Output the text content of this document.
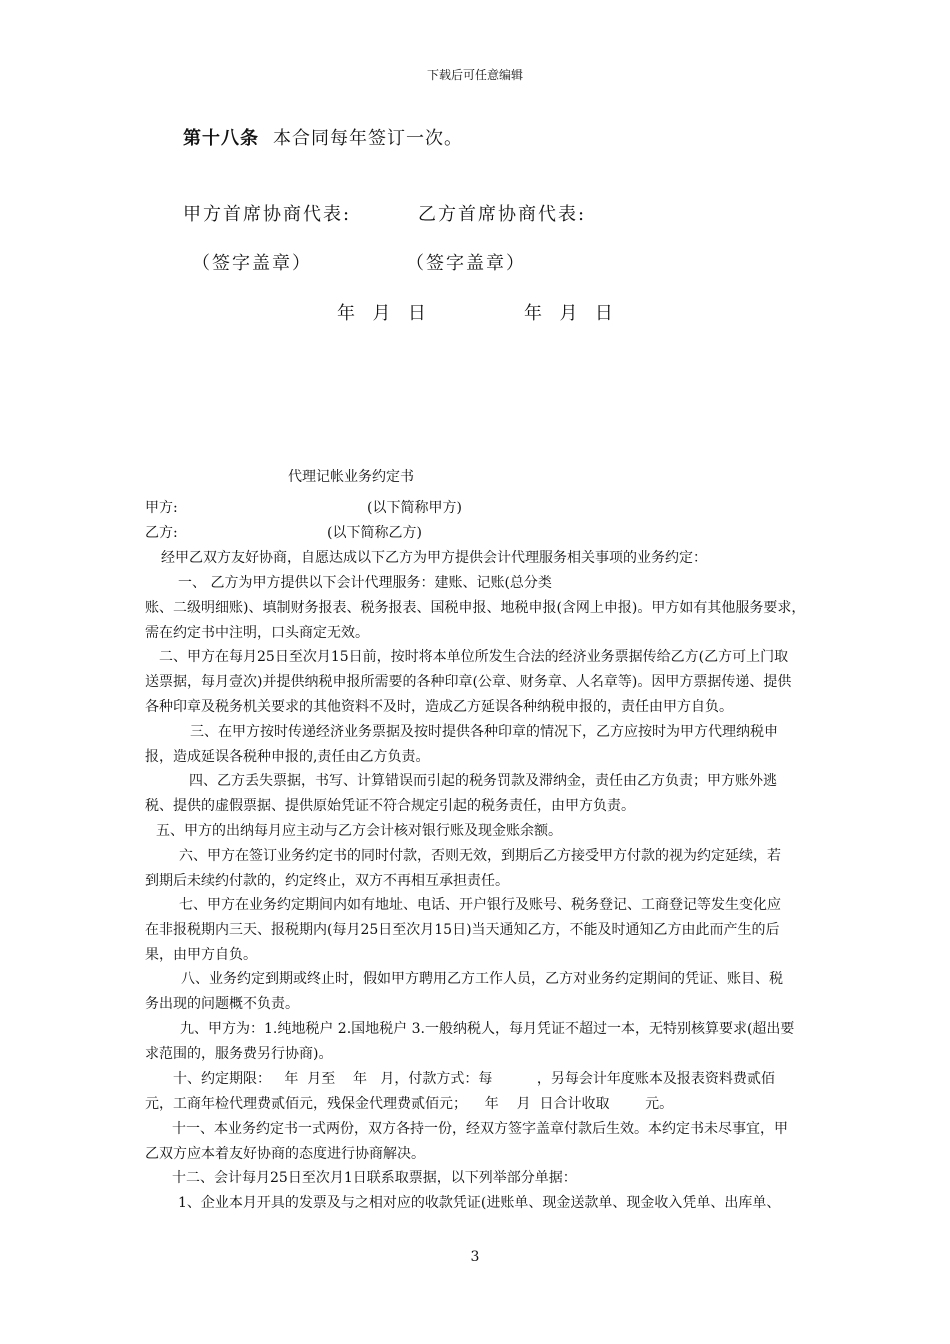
下载后可任意编辑
第十八条 本合同每年签订一次。
甲方首席协商代表:	乙方首席协商代表:
（签字盖章）	（签字盖章）
年  月  日	年  月  日
代理记帐业务约定书
甲方:	(以下简称甲方)
乙方:	(以下简称乙方)
经甲乙双方友好协商，自愿达成以下乙方为甲方提供会计代理服务相关事项的业务约定：
一、 乙方为甲方提供以下会计代理服务：建账、记账(总分类
账、二级明细账)、填制财务报表、税务报表、国税申报、地税申报(含网上申报)。甲方如有其他服务要求，
需在约定书中注明，口头商定无效。
二、甲方在每月25日至次月15日前，按时将本单位所发生合法的经济业务票据传给乙方(乙方可上门取
送票据，每月壹次)并提供纳税申报所需要的各种印章(公章、财务章、人名章等)。因甲方票据传递、提供
各种印章及税务机关要求的其他资料不及时，造成乙方延误各种纳税申报的，责任由甲方自负。
三、在甲方按时传递经济业务票据及按时提供各种印章的情况下，乙方应按时为甲方代理纳税申
报，造成延误各税种申报的,责任由乙方负责。
四、乙方丢失票据，书写、计算错误而引起的税务罚款及滞纳金，责任由乙方负责；甲方账外逃
税、提供的虚假票据、提供原始凭证不符合规定引起的税务责任，由甲方负责。
五、甲方的出纳每月应主动与乙方会计核对银行账及现金账余额。
六、甲方在签订业务约定书的同时付款，否则无效，到期后乙方接受甲方付款的视为约定延续，若
到期后未续约付款的，约定终止，双方不再相互承担责任。
七、甲方在业务约定期间内如有地址、电话、开户银行及账号、税务登记、工商登记等发生变化应
在非报税期内三天、报税期内(每月25日至次月15日)当天通知乙方，不能及时通知乙方由此而产生的后
果，由甲方自负。
八、业务约定到期或终止时，假如甲方聘用乙方工作人员，乙方对业务约定期间的凭证、账目、税
务出现的问题概不负责。
九、甲方为：1.纯地税户 2.国地税户 3.一般纳税人，每月凭证不超过一本，无特别核算要求(超出要
求范围的，服务费另行协商)。
十、约定期限：   年  月至    年   月，付款方式：每          ，另每会计年度账本及报表资料费贰佰
元，工商年检代理费贰佰元，残保金代理费贰佰元；    年    月  日合计收取        元。
十一、本业务约定书一式两份，双方各持一份，经双方签字盖章付款后生效。本约定书未尽事宜，甲
乙双方应本着友好协商的态度进行协商解决。
十二、会计每月25日至次月1日联系取票据，以下列举部分单据：
1、企业本月开具的发票及与之相对应的收款凭证(进账单、现金送款单、现金收入凭单、出库单、
3
